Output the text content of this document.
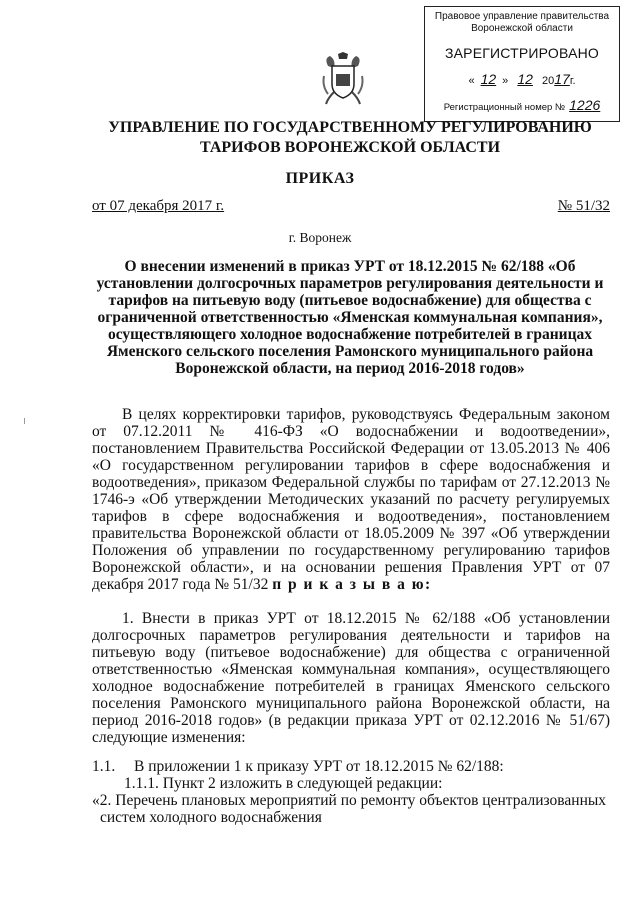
Правовое управление правительства
Воронежской области
ЗАРЕГИСТРИРОВАНО
« 12 » 12 2017г.
Регистрационный номер № 1226
УПРАВЛЕНИЕ ПО ГОСУДАРСТВЕННОМУ РЕГУЛИРОВАНИЮ
ТАРИФОВ ВОРОНЕЖСКОЙ ОБЛАСТИ
ПРИКАЗ
от 07 декабря 2017 г.	№ 51/32
г. Воронеж
О внесении изменений в приказ УРТ от 18.12.2015 № 62/188 «Об установлении долгосрочных параметров регулирования деятельности и тарифов на питьевую воду (питьевое водоснабжение) для общества с ограниченной ответственностью «Яменская коммунальная компания», осуществляющего холодное водоснабжение потребителей в границах Яменского сельского поселения Рамонского муниципального района Воронежской области, на период 2016-2018 годов»
В целях корректировки тарифов, руководствуясь Федеральным законом от 07.12.2011 № 416-ФЗ «О водоснабжении и водоотведении», постановлением Правительства Российской Федерации от 13.05.2013 № 406 «О государственном регулировании тарифов в сфере водоснабжения и водоотведения», приказом Федеральной службы по тарифам от 27.12.2013 № 1746-э «Об утверждении Методических указаний по расчету регулируемых тарифов в сфере водоснабжения и водоотведения», постановлением правительства Воронежской области от 18.05.2009 № 397 «Об утверждении Положения об управлении по государственному регулированию тарифов Воронежской области», и на основании решения Правления УРТ от 07 декабря 2017 года № 51/32 п р и к а з ы в а ю:
1. Внести в приказ УРТ от 18.12.2015 № 62/188 «Об установлении долгосрочных параметров регулирования деятельности и тарифов на питьевую воду (питьевое водоснабжение) для общества с ограниченной ответственностью «Яменская коммунальная компания», осуществляющего холодное водоснабжение потребителей в границах Яменского сельского поселения Рамонского муниципального района Воронежской области, на период 2016-2018 годов» (в редакции приказа УРТ от 02.12.2016 № 51/67) следующие изменения:
1.1. В приложении 1 к приказу УРТ от 18.12.2015 № 62/188:
1.1.1. Пункт 2 изложить в следующей редакции:
«2. Перечень плановых мероприятий по ремонту объектов централизованных
систем холодного водоснабжения
